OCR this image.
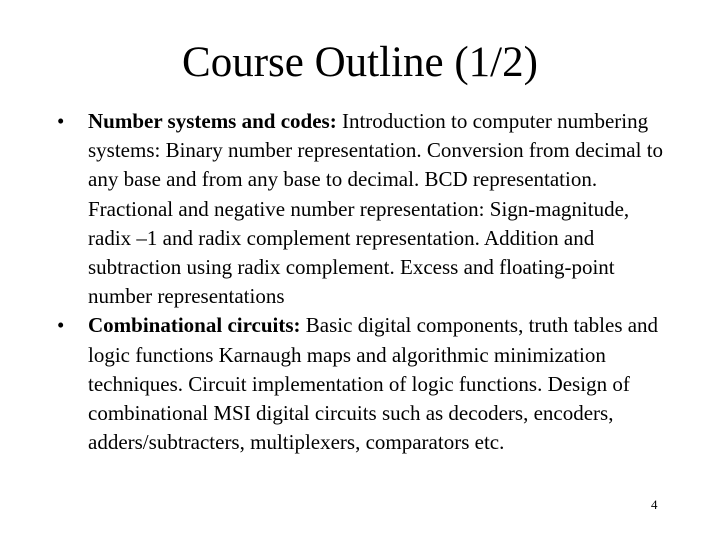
Course Outline (1/2)
•	Number systems and codes: Introduction to computer numbering systems: Binary number representation. Conversion from decimal to any base and from any base to decimal. BCD representation. Fractional and negative number representation: Sign-magnitude, radix –1 and radix complement representation. Addition and subtraction using radix complement. Excess and floating-point number representations
•	Combinational circuits: Basic digital components, truth tables and logic functions Karnaugh maps and algorithmic minimization techniques. Circuit implementation of logic functions. Design of combinational MSI digital circuits such as decoders, encoders, adders/subtracters, multiplexers, comparators etc.
4
